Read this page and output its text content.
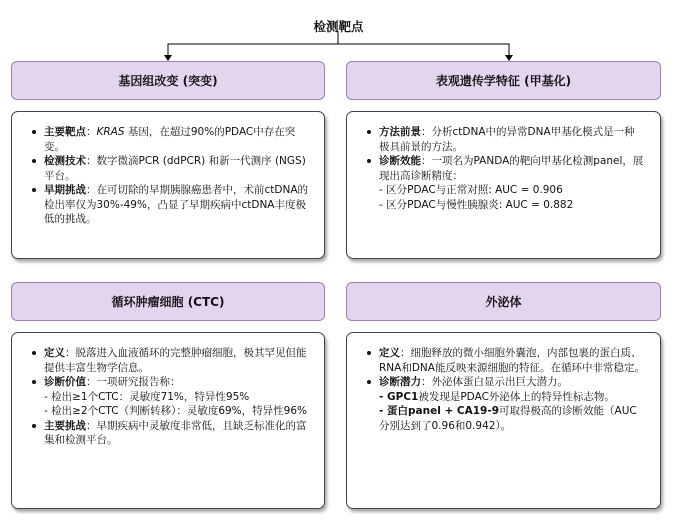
检测靶点
基因组改变 (突变)
主要靶点：KRAS 基因，在超过90%的PDAC中存在突变。
检测技术：数字微滴PCR (ddPCR) 和新一代测序 (NGS) 平台。
早期挑战：在可切除的早期胰腺癌患者中，术前ctDNA的检出率仅为30%-49%，凸显了早期疾病中ctDNA丰度极低的挑战。
表观遗传学特征 (甲基化)
方法前景：分析ctDNA中的异常DNA甲基化模式是一种极具前景的方法。
诊断效能：一项名为PANDA的靶向甲基化检测panel，展现出高诊断精度：
- 区分PDAC与正常对照: AUC = 0.906
- 区分PDAC与慢性胰腺炎: AUC = 0.882
循环肿瘤细胞 (CTC)
定义：脱落进入血液循环的完整肿瘤细胞，极其罕见但能提供丰富生物学信息。
诊断价值：一项研究报告称：
- 检出≥1个CTC：灵敏度71%，特异性95%
- 检出≥2个CTC（判断转移）：灵敏度69%，特异性96%
主要挑战：早期疾病中灵敏度非常低，且缺乏标准化的富集和检测平台。
外泌体
定义：细胞释放的微小细胞外囊泡，内部包裹的蛋白质、RNA和DNA能反映来源细胞的特征。在循环中非常稳定。
诊断潜力：外泌体蛋白显示出巨大潜力。
- GPC1被发现是PDAC外泌体上的特异性标志物。
- 蛋白panel + CA19-9可取得极高的诊断效能（AUC分别达到了0.96和0.942）。
